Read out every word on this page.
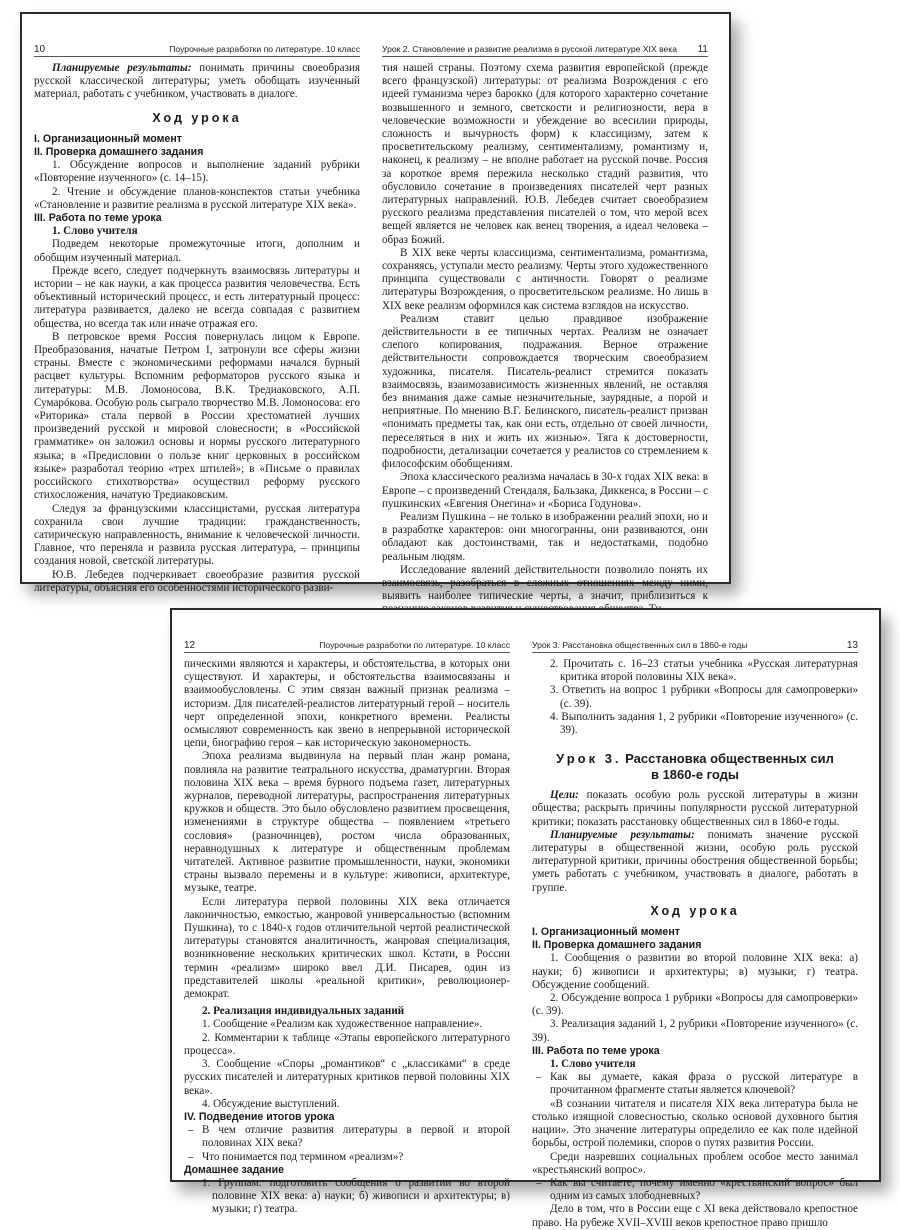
10	Поурочные разработки по литературе. 10 класс

Планируемые результаты: понимать причины своеобразия русской классической литературы; уметь обобщать изученный материал, работать с учебником, участвовать в диалоге.

Ход урока

I. Организационный момент

II. Проверка домашнего задания

1. Обсуждение вопросов и выполнение заданий рубрики «Повторение изученного» (с. 14–15).

2. Чтение и обсуждение планов-конспектов статьи учебника «Становление и развитие реализма в русской литературе XIX века».

III. Работа по теме урока

1. Слово учителя

Подведем некоторые промежуточные итоги, дополним и обобщим изученный материал.

Прежде всего, следует подчеркнуть взаимосвязь литературы и истории – не как науки, а как процесса развития человечества. Есть объективный исторический процесс, и есть литературный процесс: литература развивается, далеко не всегда совпадая с развитием общества, но всегда так или иначе отражая его.

В петровское время Россия повернулась лицом к Европе. Преобразования, начатые Петром I, затронули все сферы жизни страны. Вместе с экономическими реформами начался бурный расцвет культуры. Вспомним реформаторов русского языка и литературы: М.В. Ломоносова, В.К. Тредиаковского, А.П. Сумарóкова. Особую роль сыграло творчество М.В. Ломоносова: его «Риторика» стала первой в России хрестоматией лучших произведений русской и мировой словесности; в «Российской грамматике» он заложил основы и нормы русского литературного языка; в «Предисловии о пользе книг церковных в российском языке» разработал теорию «трех штилей»; в «Письме о правилах российского стихотворства» осуществил реформу русского стихосложения, начатую Тредиаковским.

Следуя за французскими классицистами, русская литература сохранила свои лучшие традиции: гражданственность, сатирическую направленность, внимание к человеческой личности. Главное, что переняла и развила русская литература, – принципы создания новой, светской литературы.

Ю.В. Лебедев подчеркивает своеобразие развития русской литературы, объясняя его особенностями исторического разви-

Урок 2. Становление и развитие реализма в русской литературе XIX века 11

тия нашей страны. Поэтому схема развития европейской (прежде всего французской) литературы: от реализма Возрождения с его идеей гуманизма через барокко (для которого характерно сочетание возвышенного и земного, светскости и религиозности, вера в человеческие возможности и убеждение во всесилии природы, сложность и вычурность форм) к классицизму, затем к просветительскому реализму, сентиментализму, романтизму и, наконец, к реализму – не вполне работает на русской почве. Россия за короткое время пережила несколько стадий развития, что обусловило сочетание в произведениях писателей черт разных литературных направлений. Ю.В. Лебедев считает своеобразием русского реализма представления писателей о том, что мерой всех вещей является не человек как венец творения, а идеал человека – образ Божий.

В XIX веке черты классицизма, сентиментализма, романтизма, сохраняясь, уступали место реализму. Черты этого художественного принципа существовали с античности. Говорят о реализме литературы Возрождения, о просветительском реализме. Но лишь в XIX веке реализм оформился как система взглядов на искусство.

Реализм ставит целью правдивое изображение действительности в ее типичных чертах. Реализм не означает слепого копирования, подражания. Верное отражение действительности сопровождается творческим своеобразием художника, писателя. Писатель-реалист стремится показать взаимосвязь, взаимозависимость жизненных явлений, не оставляя без внимания даже самые незначительные, заурядные, а порой и неприятные. По мнению В.Г. Белинского, писатель-реалист призван «понимать предметы так, как они есть, отдельно от своей личности, переселяться в них и жить их жизнью». Тяга к достоверности, подробности, детализации сочетается у реалистов со стремлением к философским обобщениям.

Эпоха классического реализма началась в 30-х годах XIX века: в Европе – с произведений Стендаля, Бальзака, Диккенса, в России – с пушкинских «Евгения Онегина» и «Бориса Годунова».

Реализм Пушкина – не только в изображении реалий эпохи, но и в разработке характеров: они многогранны, они развиваются, они обладают как достоинствами, так и недостатками, подобно реальным людям.

Исследование явлений действительности позволило понять их взаимосвязь, разобраться в сложных отношениях между ними, выявить наиболее типические черты, а значит, приблизиться к

12	Поурочные разработки по литературе. 10 класс

пическими являются и характеры, и обстоятельства, в которых они существуют. И характеры, и обстоятельства взаимосвязаны и взаимообусловлены. С этим связан важный признак реализма – историзм. Для писателей-реалистов литературный герой – носитель черт определенной эпохи, конкретного времени. Реалисты осмысляют современность как звено в непрерывной исторической цепи, биографию героя – как историческую закономерность.

Эпоха реализма выдвинула на первый план жанр романа, повлияла на развитие театрального искусства, драматургии. Вторая половина XIX века – время бурного подъема газет, литературных журналов, переводной литературы, распространения литературных кружков и обществ. Это было обусловлено развитием просвещения, изменениями в структуре общества – появлением «третьего сословия» (разночинцев), ростом числа образованных, неравнодушных к литературе и общественным проблемам читателей. Активное развитие промышленности, науки, экономики страны вызвало перемены и в культуре: живописи, архитектуре, музыке, театре.

Если литература первой половины XIX века отличается лаконичностью, емкостью, жанровой универсальностью (вспомним Пушкина), то с 1840-х годов отличительной чертой реалистической литературы становятся аналитичность, жанровая специализация, возникновение нескольких критических школ. Кстати, в России термин «реализм» широко ввел Д.И. Писарев, один из представителей школы «реальной критики», революционер-демократ.

2. Реализация индивидуальных заданий

1. Сообщение «Реализм как художественное направление».

2. Комментарии к таблице «Этапы европейского литературного процесса».

3. Сообщение «Споры „романтиков“ с „классиками“ в среде русских писателей и литературных критиков первой половины XIX века».

4. Обсуждение выступлений.

IV. Подведение итогов урока

– В чем отличие развития литературы в первой и второй половинах XIX века?
– Что понимается под термином «реализм»?

Домашнее задание

1. Группам: подготовить сообщения о развитии во второй половине XIX века: а) науки; б) живописи и архитектуры; в) музыки; г) театра.
Урок 3. Расстановка общественных сил в 1860-е годы	13
2. Прочитать с. 16–23 статьи учебника «Русская литературная критика второй половины XIX века».
3. Ответить на вопрос 1 рубрики «Вопросы для самопроверки» (с. 39).
4. Выполнить задания 1, 2 рубрики «Повторение изученного» (с. 39).
Урок 3. Расстановка общественных сил
в 1860-е годы

Цели: показать особую роль русской литературы в жизни общества; раскрыть причины популярности русской литературной критики; показать расстановку общественных сил в 1860-е годы.

Планируемые результаты: понимать значение русской литературы в общественной жизни, особую роль русской литературной критики, причины обострения общественной борьбы; уметь работать с учебником, участвовать в диалоге, работать в группе.

Ход урока

I. Организационный момент

II. Проверка домашнего задания

1. Сообщения о развитии во второй половине XIX века: а) науки; б) живописи и архитектуры; в) музыки; г) театра. Обсуждение сообщений.

2. Обсуждение вопроса 1 рубрики «Вопросы для самопроверки» (с. 39).

3. Реализация заданий 1, 2 рубрики «Повторение изученного» (с. 39).

III. Работа по теме урока

1. Слово учителя

– Как вы думаете, какая фраза о русской литературе в прочитанном фрагменте статьи является ключевой?

«В сознании читателя и писателя XIX века литература была не столько изящной словесностью, сколько основой духовного бытия нации». Это значение литературы определило ее как поле идейной борьбы, острой полемики, споров о путях развития России.

Среди назревших социальных проблем особое место занимал «крестьянский вопрос».

– Как вы считаете, почему именно «крестьянский вопрос» был одним из самых злободневных?

Дело в том, что в России еще с XI века действовало крепостное право. На рубеже XVII–XVIII веков крепостное право пришло
